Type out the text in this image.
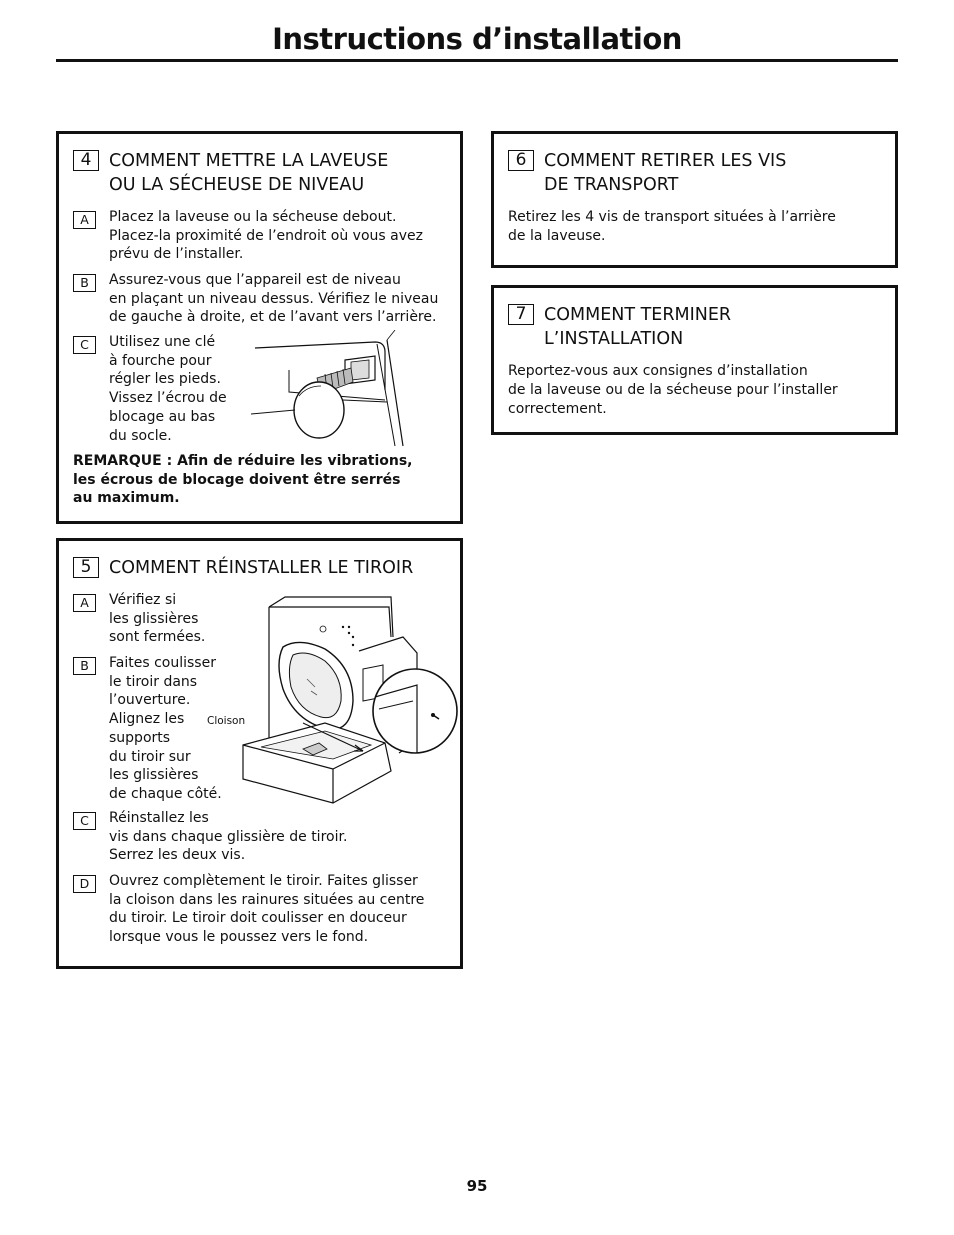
Instructions d’installation
4	COMMENT METTRE LA LAVEUSE
OU LA SÉCHEUSE DE NIVEAU
A	Placez la laveuse ou la sécheuse debout.
Placez-la proximité de l’endroit où vous avez
prévu de l’installer.
B	Assurez-vous que l’appareil est de niveau
en plaçant un niveau dessus. Vérifiez le niveau
de gauche à droite, et de l’avant vers l’arrière.
C	Utilisez une clé
à fourche pour
régler les pieds.
Vissez l’écrou de
blocage au bas
du socle.
REMARQUE : Afin de réduire les vibrations,
les écrous de blocage doivent être serrés
au maximum.
5	COMMENT RÉINSTALLER LE TIROIR
A	Vérifiez si
les glissières
sont fermées.
B	Faites coulisser
le tiroir dans
l’ouverture.
Alignez les
supports
du tiroir sur
les glissières
de chaque côté.
Cloison
C	Réinstallez les
vis dans chaque glissière de tiroir.
Serrez les deux vis.
D	Ouvrez complètement le tiroir. Faites glisser
la cloison dans les rainures situées au centre
du tiroir. Le tiroir doit coulisser en douceur
lorsque vous le poussez vers le fond.
6	COMMENT RETIRER LES VIS
DE TRANSPORT
Retirez les 4 vis de transport situées à l’arrière
de la laveuse.
7	COMMENT TERMINER
L’INSTALLATION
Reportez-vous aux consignes d’installation
de la laveuse ou de la sécheuse pour l’installer
correctement.
95
